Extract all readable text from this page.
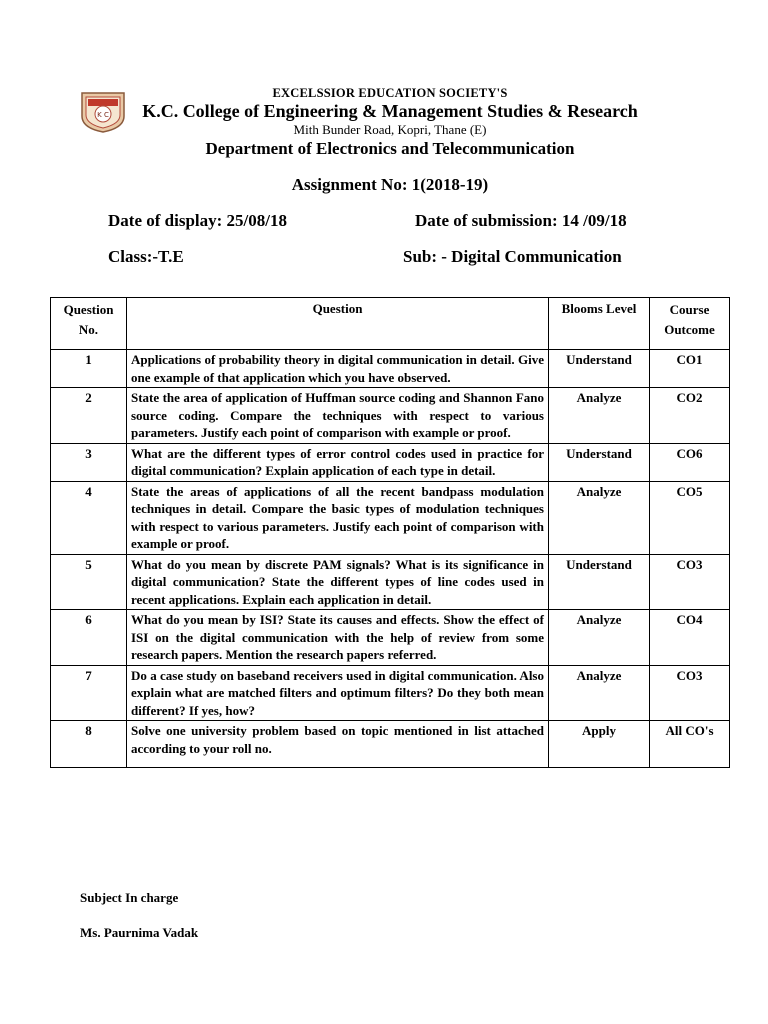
K C
EXCELSSIOR EDUCATION SOCIETY'S
K.C. College of Engineering & Management Studies & Research
Mith Bunder Road, Kopri, Thane (E)
Department of Electronics and Telecommunication
Assignment No: 1(2018-19)
Date of display: 25/08/18	Date of submission: 14 /09/18
Class:-T.E	Sub: - Digital Communication
Question No.	Question	Blooms Level	Course Outcome
1	Applications of probability theory in digital communication in detail. Give one example of that application which you have observed.	Understand	CO1
2	State the area of application of Huffman source coding and Shannon Fano source coding. Compare the techniques with respect to various parameters. Justify each point of comparison with example or proof.	Analyze	CO2
3	What are the different types of error control codes used in practice for digital communication? Explain application of each type in detail.	Understand	CO6
4	State the areas of applications of all the recent bandpass modulation techniques in detail. Compare the basic types of modulation techniques with respect to various parameters. Justify each point of comparison with example or proof.	Analyze	CO5
5	What do you mean by discrete PAM signals? What is its significance in digital communication? State the different types of line codes used in recent applications. Explain each application in detail.	Understand	CO3
6	What do you mean by ISI? State its causes and effects. Show the effect of ISI on the digital communication with the help of review from some research papers. Mention the research papers referred.	Analyze	CO4
7	Do a case study on baseband receivers used in digital communication. Also explain what are matched filters and optimum filters? Do they both mean different? If yes, how?	Analyze	CO3
8	Solve one university problem based on topic mentioned in list attached according to your roll no.	Apply	All CO's
Subject In charge
Ms. Paurnima Vadak
